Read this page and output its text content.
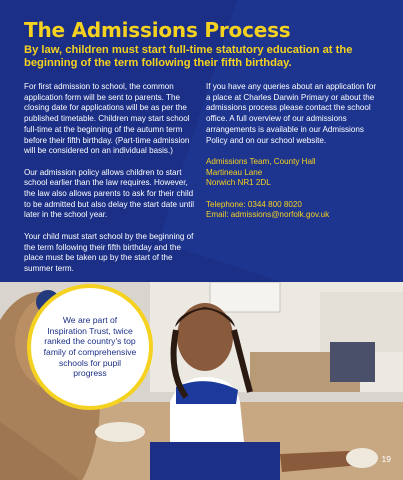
The Admissions Process

By law, children must start full-time statutory education at the beginning of the term following their fifth birthday.

For first admission to school, the common application form will be sent to parents. The closing date for applications will be as per the published timetable. Children may start school full-time at the beginning of the autumn term before their fifth birthday. (Part-time admission will be considered on an individual basis.)

Our admission policy allows children to start school earlier than the law requires. However, the law also allows parents to ask for their child to be admitted but also delay the start date until later in the school year.

Your child must start school by the beginning of the term following their fifth birthday and the place must be taken up by the start of the summer term.

If you have any queries about an application for a place at Charles Darwin Primary or about the admissions process please contact the school office. A full overview of our admissions arrangements is available in our Admissions Policy and on our school website.

Admissions Team, County Hall

Martineau Lane

Norwich NR1 2DL

Telephone: 0344 800 8020

Email: admissions@norfolk.gov.uk

We are part of Inspiration Trust, twice ranked the country's top family of comprehensive schools for pupil progress
19
